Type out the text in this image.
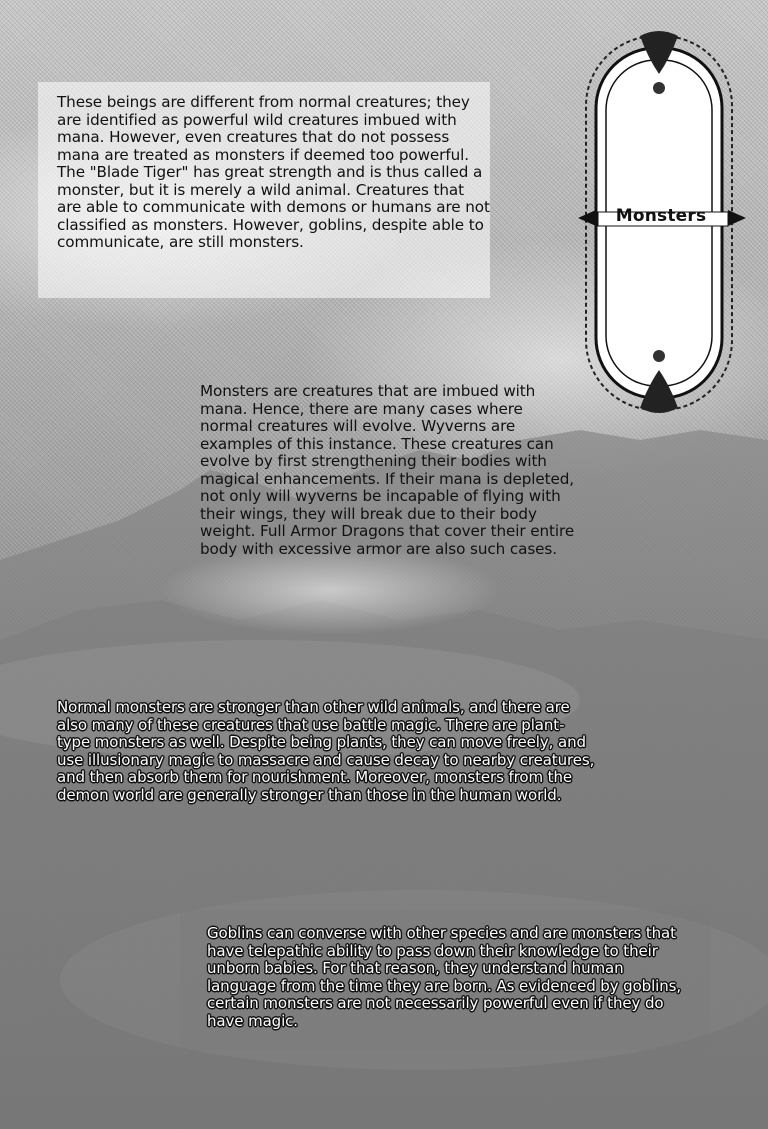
Monsters

These beings are different from normal creatures; they are identified as powerful wild creatures imbued with mana. However, even creatures that do not possess mana are treated as monsters if deemed too powerful. The "Blade Tiger" has great strength and is thus called a monster, but it is merely a wild animal. Creatures that are able to communicate with demons or humans are not classified as monsters. However, goblins, despite able to communicate, are still monsters.

Monsters are creatures that are imbued with mana. Hence, there are many cases where normal creatures will evolve. Wyverns are examples of this instance. These creatures can evolve by first strengthening their bodies with magical enhancements. If their mana is depleted, not only will wyverns be incapable of flying with their wings, they will break due to their body weight. Full Armor Dragons that cover their entire body with excessive armor are also such cases.

Normal monsters are stronger than other wild animals, and there are also many of these creatures that use battle magic. There are plant-type monsters as well. Despite being plants, they can move freely, and use illusionary magic to massacre and cause decay to nearby creatures, and then absorb them for nourishment. Moreover, monsters from the demon world are generally stronger than those in the human world.

Goblins can converse with other species and are monsters that have telepathic ability to pass down their knowledge to their unborn babies. For that reason, they understand human language from the time they are born. As evidenced by goblins, certain monsters are not necessarily powerful even if they do have magic.
